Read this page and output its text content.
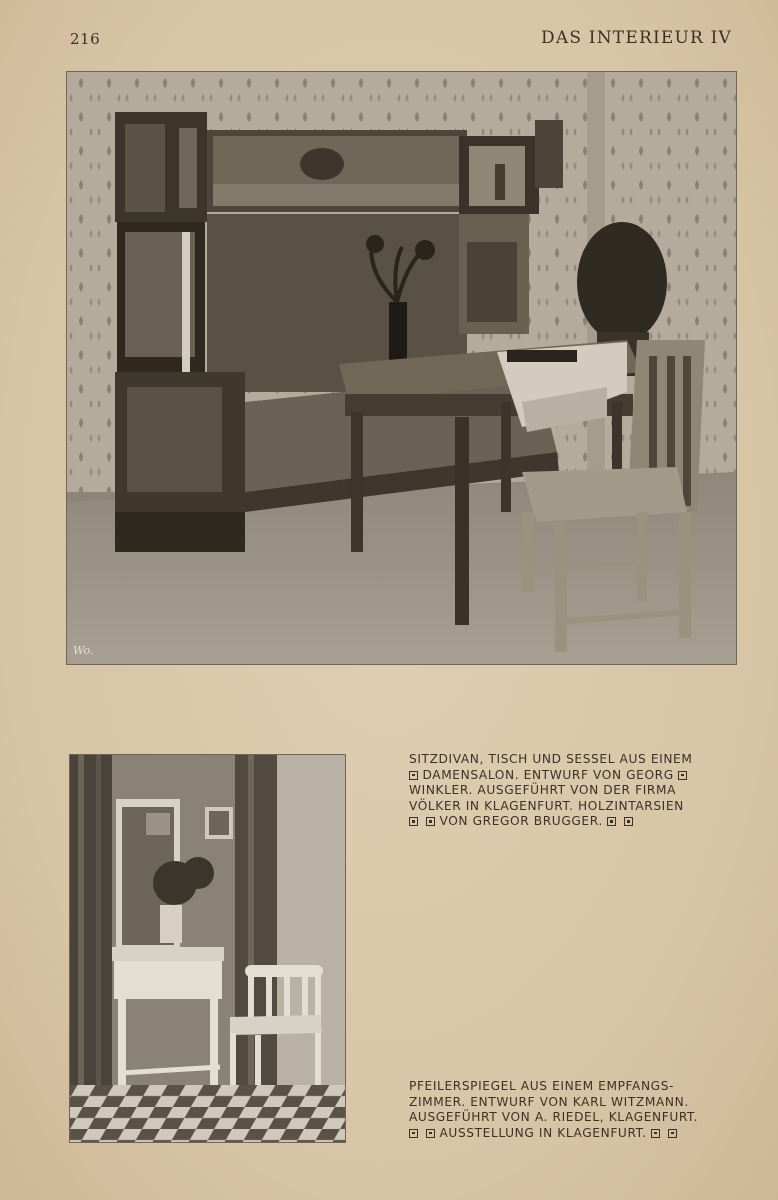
216	DAS INTERIEUR IV
Wo.
SITZDIVAN, TISCH UND SESSEL AUS EINEM
DAMENSALON. ENTWURF VON GEORG
WINKLER. AUSGEFÜHRT VON DER FIRMA
VÖLKER IN KLAGENFURT. HOLZINTARSIEN
VON GREGOR BRUGGER.
PFEILERSPIEGEL AUS EINEM EMPFANGS-
ZIMMER. ENTWURF VON KARL WITZMANN.
AUSGEFÜHRT VON A. RIEDEL, KLAGENFURT.
AUSSTELLUNG IN KLAGENFURT.
